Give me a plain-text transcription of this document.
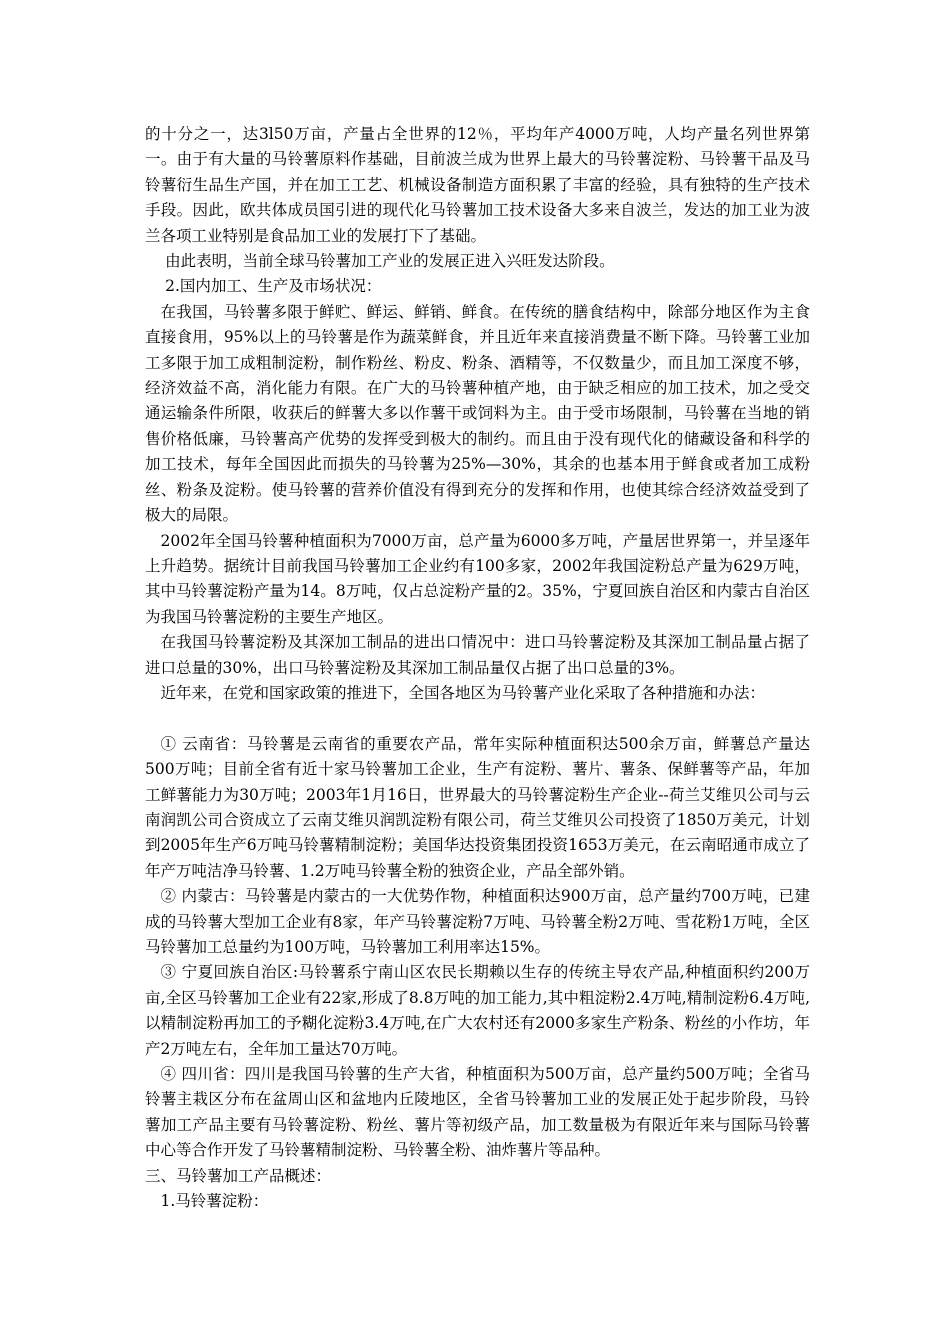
的十分之一，达3l50万亩，产量占全世界的12％，平均年产4000万吨，人均产量名列世界第一。由于有大量的马铃薯原料作基础，目前波兰成为世界上最大的马铃薯淀粉、马铃薯干品及马铃薯衍生品生产国，并在加工工艺、机械设备制造方面积累了丰富的经验，具有独特的生产技术手段。因此，欧共体成员国引进的现代化马铃薯加工技术设备大多来自波兰，发达的加工业为波兰各项工业特别是食品加工业的发展打下了基础。

由此表明，当前全球马铃薯加工产业的发展正进入兴旺发达阶段。

2.国内加工、生产及市场状况：

在我国，马铃薯多限于鲜贮、鲜运、鲜销、鲜食。在传统的膳食结构中，除部分地区作为主食直接食用，95%以上的马铃薯是作为蔬菜鲜食，并且近年来直接消费量不断下降。马铃薯工业加工多限于加工成粗制淀粉，制作粉丝、粉皮、粉条、酒精等，不仅数量少，而且加工深度不够，经济效益不高，消化能力有限。在广大的马铃薯种植产地，由于缺乏相应的加工技术，加之受交通运输条件所限，收获后的鲜薯大多以作薯干或饲料为主。由于受市场限制，马铃薯在当地的销售价格低廉，马铃薯高产优势的发挥受到极大的制约。而且由于没有现代化的储藏设备和科学的加工技术，每年全国因此而损失的马铃薯为25%—30%，其余的也基本用于鲜食或者加工成粉丝、粉条及淀粉。使马铃薯的营养价值没有得到充分的发挥和作用，也使其综合经济效益受到了极大的局限。

2002年全国马铃薯种植面积为7000万亩，总产量为6000多万吨，产量居世界第一，并呈逐年上升趋势。据统计目前我国马铃薯加工企业约有100多家，2002年我国淀粉总产量为629万吨，其中马铃薯淀粉产量为14。8万吨，仅占总淀粉产量的2。35%，宁夏回族自治区和内蒙古自治区为我国马铃薯淀粉的主要生产地区。

在我国马铃薯淀粉及其深加工制品的进出口情况中：进口马铃薯淀粉及其深加工制品量占据了进口总量的30%，出口马铃薯淀粉及其深加工制品量仅占据了出口总量的3%。

近年来，在党和国家政策的推进下，全国各地区为马铃薯产业化采取了各种措施和办法：

① 云南省：马铃薯是云南省的重要农产品，常年实际种植面积达500余万亩，鲜薯总产量达500万吨；目前全省有近十家马铃薯加工企业，生产有淀粉、薯片、薯条、保鲜薯等产品，年加工鲜薯能力为30万吨；2003年1月16日，世界最大的马铃薯淀粉生产企业--荷兰艾维贝公司与云南润凯公司合资成立了云南艾维贝润凯淀粉有限公司，荷兰艾维贝公司投资了1850万美元，计划到2005年生产6万吨马铃薯精制淀粉；美国华达投资集团投资1653万美元，在云南昭通市成立了年产万吨洁净马铃薯、1.2万吨马铃薯全粉的独资企业，产品全部外销。

② 内蒙古：马铃薯是内蒙古的一大优势作物，种植面积达900万亩，总产量约700万吨，已建成的马铃薯大型加工企业有8家，年产马铃薯淀粉7万吨、马铃薯全粉2万吨、雪花粉1万吨，全区马铃薯加工总量约为100万吨，马铃薯加工利用率达15%。

③ 宁夏回族自治区:马铃薯系宁南山区农民长期赖以生存的传统主导农产品,种植面积约200万亩,全区马铃薯加工企业有22家,形成了8.8万吨的加工能力,其中粗淀粉2.4万吨,精制淀粉6.4万吨,以精制淀粉再加工的予糊化淀粉3.4万吨,在广大农村还有2000多家生产粉条、粉丝的小作坊，年产2万吨左右，全年加工量达70万吨。

④ 四川省：四川是我国马铃薯的生产大省，种植面积为500万亩，总产量约500万吨；全省马铃薯主栽区分布在盆周山区和盆地内丘陵地区，全省马铃薯加工业的发展正处于起步阶段，马铃薯加工产品主要有马铃薯淀粉、粉丝、薯片等初级产品，加工数量极为有限近年来与国际马铃薯中心等合作开发了马铃薯精制淀粉、马铃薯全粉、油炸薯片等品种。

三、马铃薯加工产品概述：

1.马铃薯淀粉：
